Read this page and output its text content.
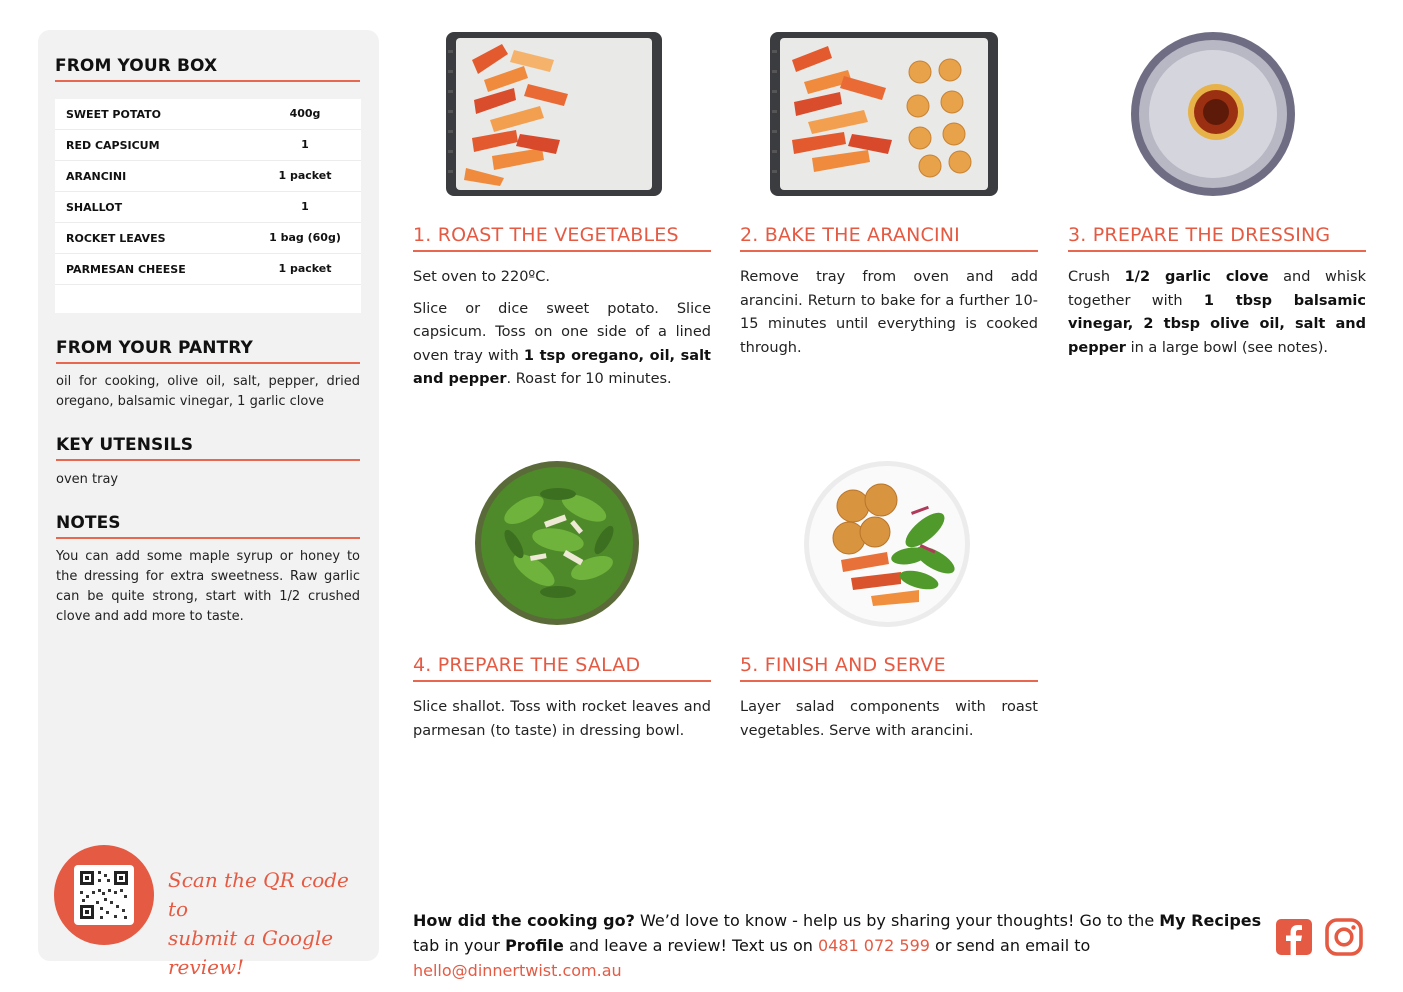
FROM YOUR BOX
SWEET POTATO	400g
RED CAPSICUM	1
ARANCINI	1 packet
SHALLOT	1
ROCKET LEAVES	1 bag (60g)
PARMESAN CHEESE	1 packet
FROM YOUR PANTRY
oil for cooking, olive oil, salt, pepper, dried oregano, balsamic vinegar, 1 garlic clove
KEY UTENSILS
oven tray
NOTES
You can add some maple syrup or honey to the dressing for extra sweetness. Raw garlic can be quite strong, start with 1/2 crushed clove and add more to taste.
Scan the QR code to
submit a Google review!
1. ROAST THE VEGETABLES

Set oven to 220ºC.

Slice or dice sweet potato. Slice capsicum. Toss on one side of a lined oven tray with 1 tsp oregano, oil, salt and pepper. Roast for 10 minutes.

2. BAKE THE ARANCINI

Remove tray from oven and add arancini. Return to bake for a further 10-15 minutes until everything is cooked through.

3. PREPARE THE DRESSING

Crush 1/2 garlic clove and whisk together with 1 tbsp balsamic vinegar, 2 tbsp olive oil, salt and pepper in a large bowl (see notes).

4. PREPARE THE SALAD

Slice shallot. Toss with rocket leaves and parmesan (to taste) in dressing bowl.

5. FINISH AND SERVE

Layer salad components with roast vegetables. Serve with arancini.

How did the cooking go? We’d love to know - help us by sharing your thoughts! Go to the My Recipes tab in your Profile and leave a review! Text us on 0481 072 599 or send an email to hello@dinnertwist.com.au
